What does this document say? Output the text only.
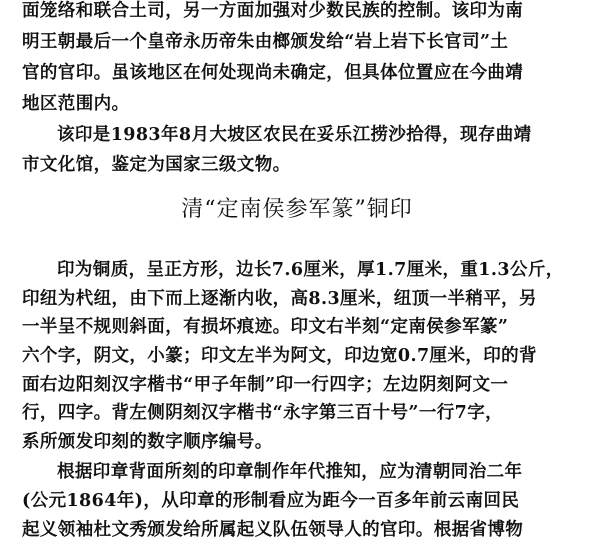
面笼络和联合土司，另一方面加强对少数民族的控制。该印为南
明王朝最后一个皇帝永历帝朱由榔颁发给“岩上岩下长官司”土
官的官印。虽该地区在何处现尚未确定，但具体位置应在今曲靖
地区范围内。
该印是1983年8月大坡区农民在妥乐江捞沙拾得，现存曲靖
市文化馆，鉴定为国家三级文物。
清“定南侯参军篆”铜印
印为铜质，呈正方形，边长7.6厘米，厚1.7厘米，重1.3公斤，
印纽为杙纽，由下而上逐渐内收，高8.3厘米，纽顶一半稍平，另
一半呈不规则斜面，有损坏痕迹。印文右半刻“定南侯参军篆”
六个字，阴文，小篆；印文左半为阿文，印边宽0.7厘米，印的背
面右边阳刻汉字楷书“甲子年制”印一行四字；左边阴刻阿文一
行，四字。背左侧阴刻汉字楷书“永字第三百十号”一行7字，
系所颁发印刻的数字顺序编号。
根据印章背面所刻的印章制作年代推知，应为清朝同治二年
(公元1864年)，从印章的形制看应为距今一百多年前云南回民
起义领袖杜文秀颁发给所属起义队伍领导人的官印。根据省博物
